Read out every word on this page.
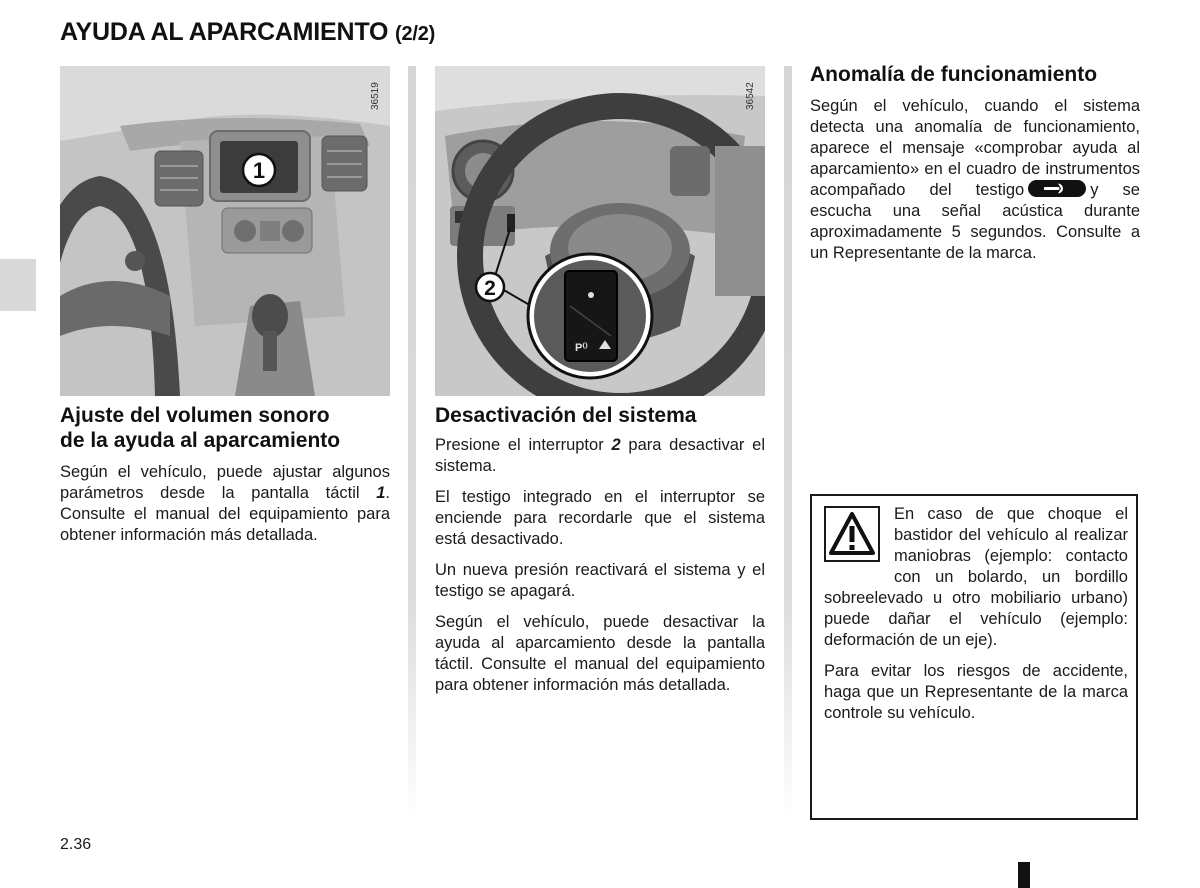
AYUDA AL APARCAMIENTO (2/2)
1
36519
P⁽⁾
2
36542
Ajuste del volumen sonoro
de la ayuda al aparcamiento

Según el vehículo, puede ajustar algunos parámetros desde la pantalla táctil 1. Consulte el manual del equipamiento para obtener información más detallada.

Desactivación del sistema

Presione el interruptor 2 para desactivar el sistema.

El testigo integrado en el interruptor se enciende para recordarle que el sistema está desactivado.

Un nueva presión reactivará el sistema y el testigo se apagará.

Según el vehículo, puede desactivar la ayuda al aparcamiento desde la pantalla táctil. Consulte el manual del equipamiento para obtener información más detallada.

Anomalía de funcionamiento

Según el vehículo, cuando el sistema detecta una anomalía de funcionamiento, aparece el mensaje «comprobar ayuda al aparcamiento» en el cuadro de instrumentos acompañado del testigo	y se escucha una señal acústica durante aproximadamente 5 segundos. Consulte a un Representante de la marca.

En caso de que choque el bastidor del vehículo al realizar maniobras (ejemplo: contacto con un bolardo, un bordillo sobreelevado u otro mobiliario urbano) puede dañar el vehículo (ejemplo: deformación de un eje).

Para evitar los riesgos de accidente, haga que un Representante de la marca controle su vehículo.

2.36
